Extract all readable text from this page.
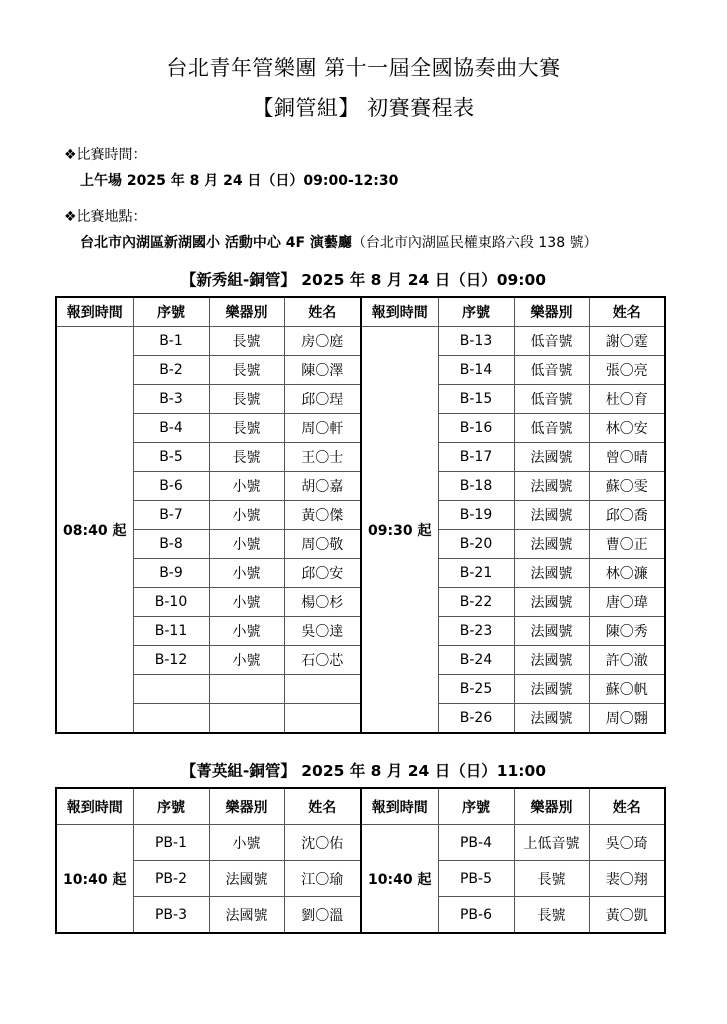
台北青年管樂團 第十一屆全國協奏曲大賽
【銅管組】 初賽賽程表
❖比賽時間：
上午場 2025 年 8 月 24 日（日）09:00-12:30
❖比賽地點：
台北市內湖區新湖國小 活動中心 4F 演藝廳（台北市內湖區民權東路六段 138 號）
【新秀組-銅管】 2025 年 8 月 24 日（日）09:00
報到時間	序號	樂器別	姓名	報到時間	序號	樂器別	姓名
08:40 起	B-1	長號	房〇庭	09:30 起	B-13	低音號	謝〇霆
	B-2	長號	陳〇澤		B-14	低音號	張〇亮
	B-3	長號	邱〇珵		B-15	低音號	杜〇育
	B-4	長號	周〇軒		B-16	低音號	林〇安
	B-5	長號	王〇士		B-17	法國號	曾〇晴
	B-6	小號	胡〇嘉		B-18	法國號	蘇〇雯
	B-7	小號	黃〇傑		B-19	法國號	邱〇喬
	B-8	小號	周〇敬		B-20	法國號	曹〇正
	B-9	小號	邱〇安		B-21	法國號	林〇濂
	B-10	小號	楊〇杉		B-22	法國號	唐〇瑋
	B-11	小號	吳〇達		B-23	法國號	陳〇秀
	B-12	小號	石〇芯		B-24	法國號	許〇澈
					B-25	法國號	蘇〇帆
					B-26	法國號	周〇翾
【菁英組-銅管】 2025 年 8 月 24 日（日）11:00
報到時間	序號	樂器別	姓名	報到時間	序號	樂器別	姓名
10:40 起	PB-1	小號	沈〇佑	10:40 起	PB-4	上低音號	吳〇琦
	PB-2	法國號	江〇瑜		PB-5	長號	裴〇翔
	PB-3	法國號	劉〇溫		PB-6	長號	黃〇凱
